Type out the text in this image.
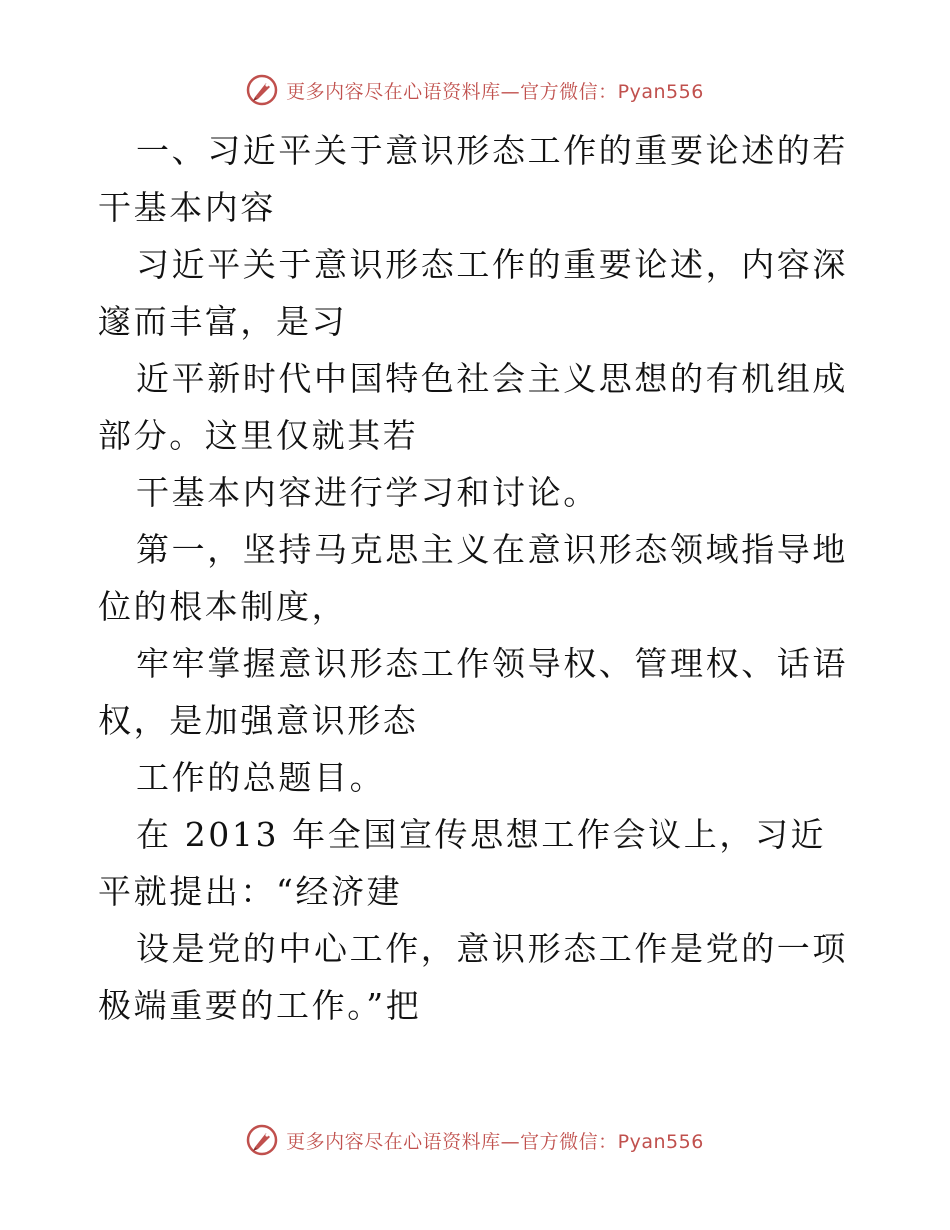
更多内容尽在心语资料库—官方微信：Pyan556

一、习近平关于意识形态工作的重要论述的若干基本内容

习近平关于意识形态工作的重要论述，内容深邃而丰富，是习

近平新时代中国特色社会主义思想的有机组成部分。这里仅就其若

干基本内容进行学习和讨论。

第一，坚持马克思主义在意识形态领域指导地位的根本制度，

牢牢掌握意识形态工作领导权、管理权、话语权，是加强意识形态

工作的总题目。

在 2013 年全国宣传思想工作会议上，习近平就提出：“经济建

设是党的中心工作，意识形态工作是党的一项极端重要的工作。”把

更多内容尽在心语资料库—官方微信：Pyan556
